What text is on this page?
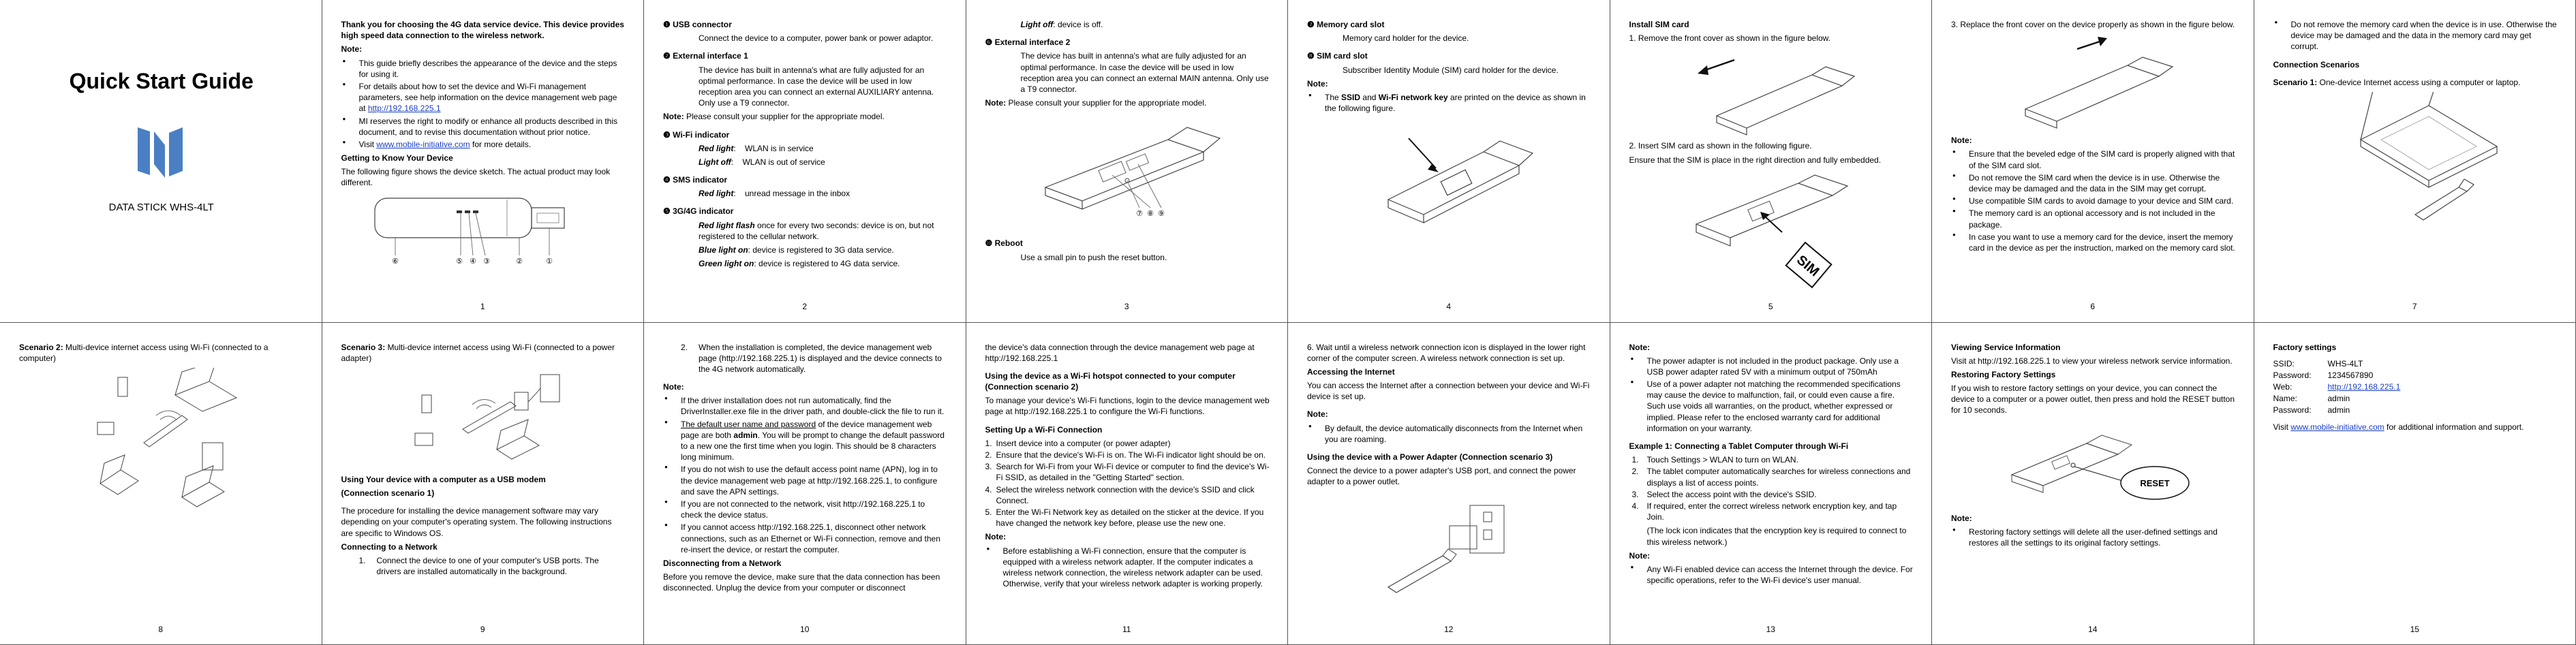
Quick Start Guide
DATA STICK WHS-4LT

Thank you for choosing the 4G data service device. This device provides high speed data connection to the wireless network.

Note:

● This guide briefly describes the appearance of the device and the steps for using it.
● For details about how to set the device and Wi-Fi management parameters, see help information on the device management web page at http://192.168.225.1
● MI reserves the right to modify or enhance all products described in this document, and to revise this documentation without prior notice.
● Visit www.mobile-initiative.com for more details.

Getting to Know Your Device

The following figure shows the device sketch. The actual product may look different.

⑥	⑤ ④ ③	②	①
1

❶ USB connector

Connect the device to a computer, power bank or power adaptor.

❷ External interface 1

The device has built in antenna's what are fully adjusted for an optimal performance. In case the device will be used in low reception area you can connect an external AUXILIARY antenna. Only use a T9 connector.

Note: Please consult your supplier for the appropriate model.

❸ Wi-Fi indicator

Red light:    WLAN is in service

Light off:    WLAN is out of service

❹ SMS indicator

Red light:    unread message in the inbox

❺ 3G/4G indicator

Red light flash once for every two seconds: device is on, but not registered to the cellular network.

Blue light on: device is registered to 3G data service.

Green light on: device is registered to 4G data service.

2

Light off: device is off.

❻ External interface 2

The device has built in antenna's what are fully adjusted for an optimal performance. In case the device will be used in low reception area you can connect an external MAIN antenna. Only use a T9 connector.

Note: Please consult your supplier for the appropriate model.

⑦ ⑧ ⑨

❿ Reboot

Use a small pin to push the reset button.

3

❼ Memory card slot

Memory card holder for the device.

❽ SIM card slot

Subscriber Identity Module (SIM) card holder for the device.

Note:

● The SSID and Wi-Fi network key are printed on the device as shown in the following figure.
4

Install SIM card

1. Remove the front cover as shown in the figure below.

2. Insert SIM card as shown in the following figure.

Ensure that the SIM is place in the right direction and fully embedded.

SIM
5

3. Replace the front cover on the device properly as shown in the figure below.

Note:

● Ensure that the beveled edge of the SIM card is properly aligned with that of the SIM card slot.
● Do not remove the SIM card when the device is in use. Otherwise the device may be damaged and the data in the SIM may get corrupt.
● Use compatible SIM cards to avoid damage to your device and SIM card.
● The memory card is an optional accessory and is not included in the package.
● In case you want to use a memory card for the device, insert the memory card in the device as per the instruction, marked on the memory card slot.
6
● Do not remove the memory card when the device is in use. Otherwise the device may be damaged and the data in the memory card may get corrupt.

Connection Scenarios

Scenario 1: One-device Internet access using a computer or laptop.

7

Scenario 2: Multi-device internet access using Wi-Fi (connected to a computer)

8

Scenario 3: Multi-device internet access using Wi-Fi (connected to a power adapter)

Using Your device with a computer as a USB modem

(Connection scenario 1)

The procedure for installing the device management software may vary depending on your computer's operating system. The following instructions are specific to Windows OS.

Connecting to a Network

1. Connect the device to one of your computer's USB ports. The drivers are installed automatically in the background.
9
2. When the installation is completed, the device management web page (http://192.168.225.1) is displayed and the device connects to the 4G network automatically.

Note:

● If the driver installation does not run automatically, find the DriverInstaller.exe file in the driver path, and double-click the file to run it.
● The default user name and password of the device management web page are both admin. You will be prompt to change the default password to a new one the first time when you login. This should be 8 characters long minimum.
● If you do not wish to use the default access point name (APN), log in to the device management web page at http://192.168.225.1, to configure and save the APN settings.
● If you are not connected to the network, visit http://192.168.225.1 to check the device status.
● If you cannot access http://192.168.225.1, disconnect other network connections, such as an Ethernet or Wi-Fi connection, remove and then re-insert the device, or restart the computer.

Disconnecting from a Network

Before you remove the device, make sure that the data connection has been disconnected. Unplug the device from your computer or disconnect

10

the device's data connection through the device management web page at http://192.168.225.1

Using the device as a Wi-Fi hotspot connected to your computer (Connection scenario 2)

To manage your device's Wi-Fi functions, login to the device management web page at http://192.168.225.1 to configure the Wi-Fi functions.

Setting Up a Wi-Fi Connection

1. Insert device into a computer (or power adapter)
2. Ensure that the device's Wi-Fi is on. The Wi-Fi indicator light should be on.
3. Search for Wi-Fi from your Wi-Fi device or computer to find the device's Wi-Fi SSID, as detailed in the "Getting Started" section.
4. Select the wireless network connection with the device's SSID and click Connect.
5. Enter the Wi-Fi Network key as detailed on the sticker at the device. If you have changed the network key before, please use the new one.

Note:

● Before establishing a Wi-Fi connection, ensure that the computer is equipped with a wireless network adapter. If the computer indicates a wireless network connection, the wireless network adapter can be used. Otherwise, verify that your wireless network adapter is working properly.
11

6. Wait until a wireless network connection icon is displayed in the lower right corner of the computer screen. A wireless network connection is set up.

Accessing the Internet

You can access the Internet after a connection between your device and Wi-Fi device is set up.

Note:

● By default, the device automatically disconnects from the Internet when you are roaming.

Using the device with a Power Adapter (Connection scenario 3)

Connect the device to a power adapter's USB port, and connect the power adapter to a power outlet.

12

Note:

● The power adapter is not included in the product package. Only use a USB power adapter rated 5V with a minimum output of 750mAh
● Use of a power adapter not matching the recommended specifications may cause the device to malfunction, fail, or could even cause a fire. Such use voids all warranties, on the product, whether expressed or implied. Please refer to the enclosed warranty card for additional information on your warranty.

Example 1: Connecting a Tablet Computer through Wi-Fi

1. Touch Settings > WLAN to turn on WLAN.
2. The tablet computer automatically searches for wireless connections and displays a list of access points.
3. Select the access point with the device's SSID.
4. If required, enter the correct wireless network encryption key, and tap Join.

(The lock icon indicates that the encryption key is required to connect to this wireless network.)

Note:

● Any Wi-Fi enabled device can access the Internet through the device. For specific operations, refer to the Wi-Fi device's user manual.
13

Viewing Service Information

Visit at http://192.168.225.1 to view your wireless network service information.

Restoring Factory Settings

If you wish to restore factory settings on your device, you can connect the device to a computer or a power outlet, then press and hold the RESET button for 10 seconds.

RESET

Note:

● Restoring factory settings will delete all the user-defined settings and restores all the settings to its original factory settings.
14

Factory settings

SSID:	WHS-4LT
Password:	1234567890
Web:	http://192.168.225.1
Name:	admin
Password:	admin

Visit www.mobile-initiative.com for additional information and support.

15
